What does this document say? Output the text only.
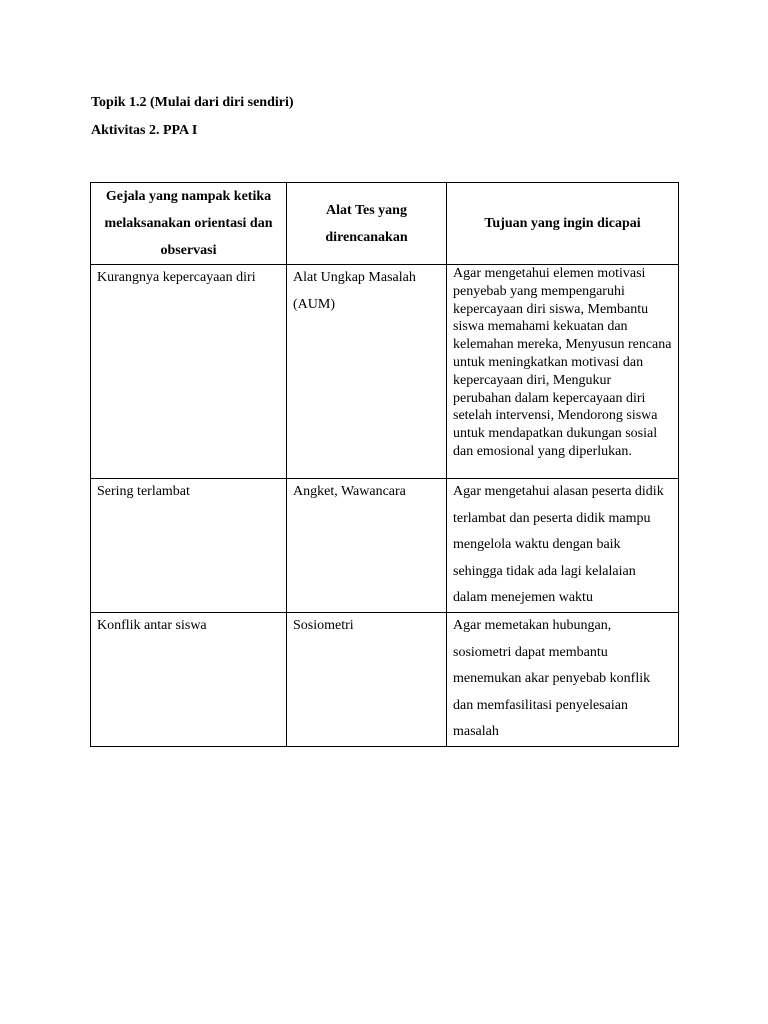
Topik 1.2 (Mulai dari diri sendiri)

Aktivitas 2. PPA I

Gejala yang nampak ketika melaksanakan orientasi dan observasi	Alat Tes yang direncanakan	Tujuan yang ingin dicapai

Kurangnya kepercayaan diri	Alat Ungkap Masalah (AUM)	Agar mengetahui elemen motivasi penyebab yang mempengaruhi kepercayaan diri siswa, Membantu siswa memahami kekuatan dan kelemahan mereka, Menyusun rencana untuk meningkatkan motivasi dan kepercayaan diri, Mengukur perubahan dalam kepercayaan diri setelah intervensi, Mendorong siswa untuk mendapatkan dukungan sosial dan emosional yang diperlukan.

Sering terlambat	Angket, Wawancara	Agar mengetahui alasan peserta didik terlambat dan peserta didik mampu mengelola waktu dengan baik sehingga tidak ada lagi kelalaian dalam menejemen waktu

Konflik antar siswa	Sosiometri	Agar memetakan hubungan, sosiometri dapat membantu menemukan akar penyebab konflik dan memfasilitasi penyelesaian masalah
